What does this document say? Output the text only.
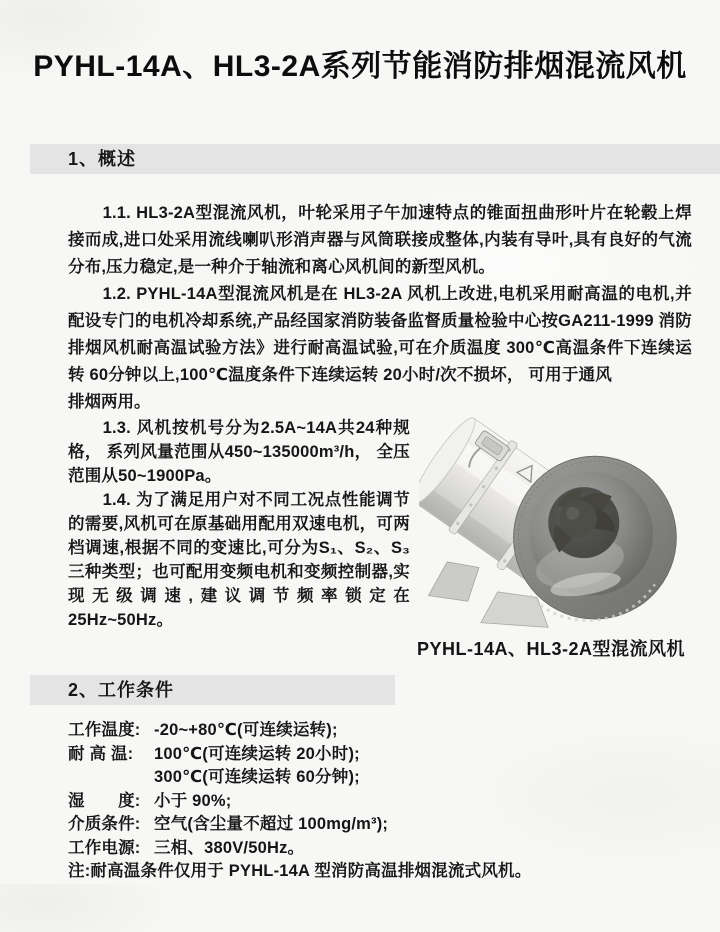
PYHL-14A、HL3-2A系列节能消防排烟混流风机
1、概述

1.1. HL3-2A型混流风机，叶轮采用子午加速特点的锥面扭曲形叶片在轮毂上焊接而成,进口处采用流线喇叭形消声器与风筒联接成整体,内装有导叶,具有良好的气流分布,压力稳定,是一种介于轴流和离心风机间的新型风机。

1.2. PYHL-14A型混流风机是在 HL3-2A 风机上改进,电机采用耐高温的电机,并配设专门的电机冷却系统,产品经国家消防装备监督质量检验中心按GA211-1999 消防排烟风机耐高温试验方法》进行耐高温试验,可在介质温度 300℃高温条件下连续运转 60分钟以上,100℃温度条件下连续运转 20小时/次不损坏， 可用于通风

排烟两用。

1.3. 风机按机号分为2.5A~14A共24种规格， 系列风量范围从450~135000m³/h， 全压范围从50~1900Pa。

1.4. 为了满足用户对不同工况点性能调节的需要,风机可在原基础用配用双速电机，可两档调速,根据不同的变速比,可分为S₁、S₂、S₃三种类型；也可配用变频电机和变频控制器,实现无级调速,建议调节频率锁定在25Hz~50Hz。

PYHL-14A、HL3-2A型混流风机
2、工作条件
工作温度: -20~+80℃(可连续运转);
耐 高 温:	100℃(可连续运转 20小时);
300℃(可连续运转 60分钟);
湿　　度: 小于 90%;
介质条件: 空气(含尘量不超过 100mg/m³);
工作电源: 三相、380V/50Hz。
注:耐高温条件仅用于 PYHL-14A 型消防高温排烟混流式风机。
